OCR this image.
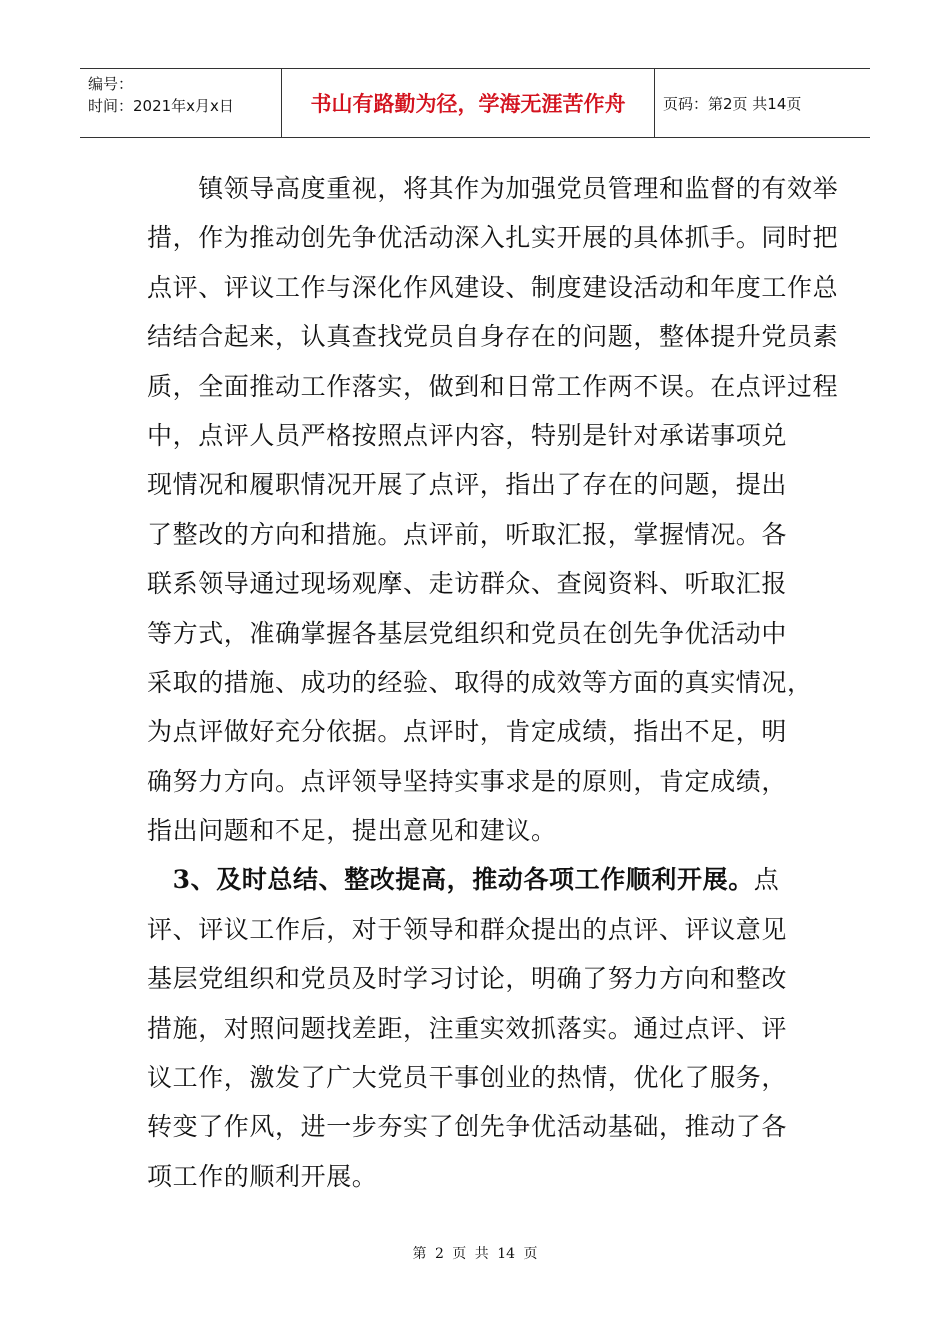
编号：
时间：2021年x月x日	书山有路勤为径，学海无涯苦作舟	页码：第2页 共14页
　　镇领导高度重视，将其作为加强党员管理和监督的有效举
措，作为推动创先争优活动深入扎实开展的具体抓手。同时把
点评、评议工作与深化作风建设、制度建设活动和年度工作总
结结合起来，认真查找党员自身存在的问题，整体提升党员素
质，全面推动工作落实，做到和日常工作两不误。在点评过程
中，点评人员严格按照点评内容，特别是针对承诺事项兑
现情况和履职情况开展了点评，指出了存在的问题，提出
了整改的方向和措施。点评前，听取汇报，掌握情况。各
联系领导通过现场观摩、走访群众、查阅资料、听取汇报
等方式，准确掌握各基层党组织和党员在创先争优活动中
采取的措施、成功的经验、取得的成效等方面的真实情况，
为点评做好充分依据。点评时，肯定成绩，指出不足，明
确努力方向。点评领导坚持实事求是的原则，肯定成绩，
指出问题和不足，提出意见和建议。
　3、及时总结、整改提高，推动各项工作顺利开展。点
评、评议工作后，对于领导和群众提出的点评、评议意见
基层党组织和党员及时学习讨论，明确了努力方向和整改
措施，对照问题找差距，注重实效抓落实。通过点评、评
议工作，激发了广大党员干事创业的热情，优化了服务，
转变了作风，进一步夯实了创先争优活动基础，推动了各
项工作的顺利开展。
第 2 页 共 14 页
